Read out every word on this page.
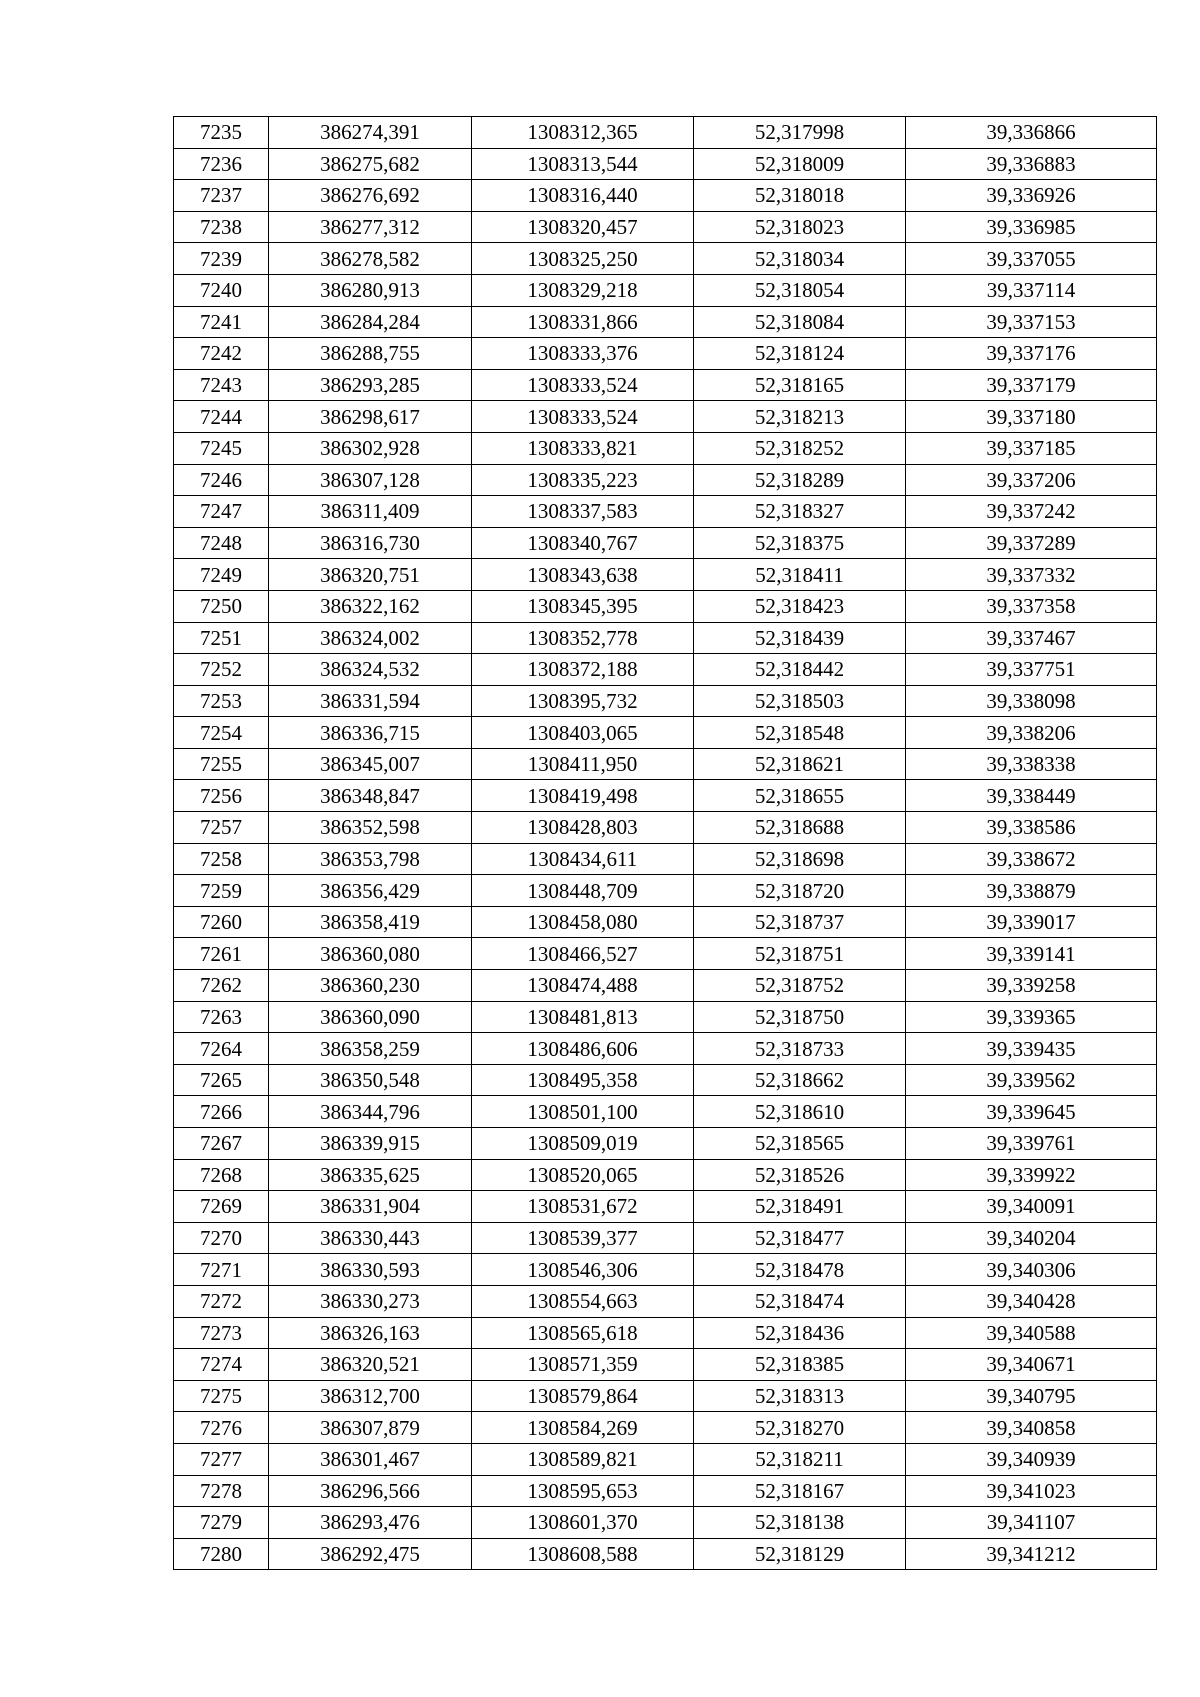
7235	386274,391	1308312,365	52,317998	39,336866
7236	386275,682	1308313,544	52,318009	39,336883
7237	386276,692	1308316,440	52,318018	39,336926
7238	386277,312	1308320,457	52,318023	39,336985
7239	386278,582	1308325,250	52,318034	39,337055
7240	386280,913	1308329,218	52,318054	39,337114
7241	386284,284	1308331,866	52,318084	39,337153
7242	386288,755	1308333,376	52,318124	39,337176
7243	386293,285	1308333,524	52,318165	39,337179
7244	386298,617	1308333,524	52,318213	39,337180
7245	386302,928	1308333,821	52,318252	39,337185
7246	386307,128	1308335,223	52,318289	39,337206
7247	386311,409	1308337,583	52,318327	39,337242
7248	386316,730	1308340,767	52,318375	39,337289
7249	386320,751	1308343,638	52,318411	39,337332
7250	386322,162	1308345,395	52,318423	39,337358
7251	386324,002	1308352,778	52,318439	39,337467
7252	386324,532	1308372,188	52,318442	39,337751
7253	386331,594	1308395,732	52,318503	39,338098
7254	386336,715	1308403,065	52,318548	39,338206
7255	386345,007	1308411,950	52,318621	39,338338
7256	386348,847	1308419,498	52,318655	39,338449
7257	386352,598	1308428,803	52,318688	39,338586
7258	386353,798	1308434,611	52,318698	39,338672
7259	386356,429	1308448,709	52,318720	39,338879
7260	386358,419	1308458,080	52,318737	39,339017
7261	386360,080	1308466,527	52,318751	39,339141
7262	386360,230	1308474,488	52,318752	39,339258
7263	386360,090	1308481,813	52,318750	39,339365
7264	386358,259	1308486,606	52,318733	39,339435
7265	386350,548	1308495,358	52,318662	39,339562
7266	386344,796	1308501,100	52,318610	39,339645
7267	386339,915	1308509,019	52,318565	39,339761
7268	386335,625	1308520,065	52,318526	39,339922
7269	386331,904	1308531,672	52,318491	39,340091
7270	386330,443	1308539,377	52,318477	39,340204
7271	386330,593	1308546,306	52,318478	39,340306
7272	386330,273	1308554,663	52,318474	39,340428
7273	386326,163	1308565,618	52,318436	39,340588
7274	386320,521	1308571,359	52,318385	39,340671
7275	386312,700	1308579,864	52,318313	39,340795
7276	386307,879	1308584,269	52,318270	39,340858
7277	386301,467	1308589,821	52,318211	39,340939
7278	386296,566	1308595,653	52,318167	39,341023
7279	386293,476	1308601,370	52,318138	39,341107
7280	386292,475	1308608,588	52,318129	39,341212
